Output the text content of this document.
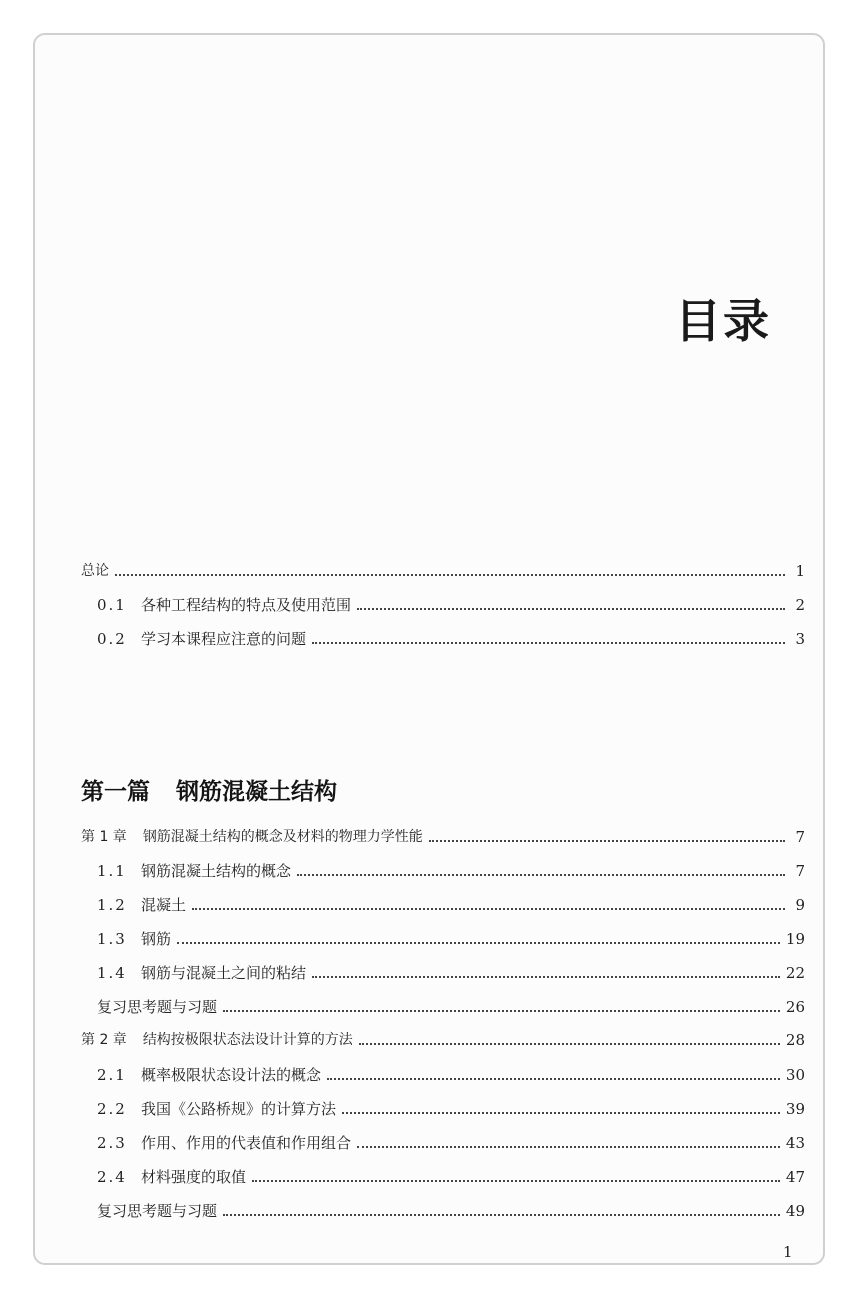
目录
总论	1
0.1 各种工程结构的特点及使用范围	2
0.2 学习本课程应注意的问题	3
第一篇 钢筋混凝土结构
第 1 章 钢筋混凝土结构的概念及材料的物理力学性能	7
1.1 钢筋混凝土结构的概念	7
1.2 混凝土	9
1.3 钢筋	19
1.4 钢筋与混凝土之间的粘结	22
复习思考题与习题	26
第 2 章 结构按极限状态法设计计算的方法	28
2.1 概率极限状态设计法的概念	30
2.2 我国《公路桥规》的计算方法	39
2.3 作用、作用的代表值和作用组合	43
2.4 材料强度的取值	47
复习思考题与习题	49
1
